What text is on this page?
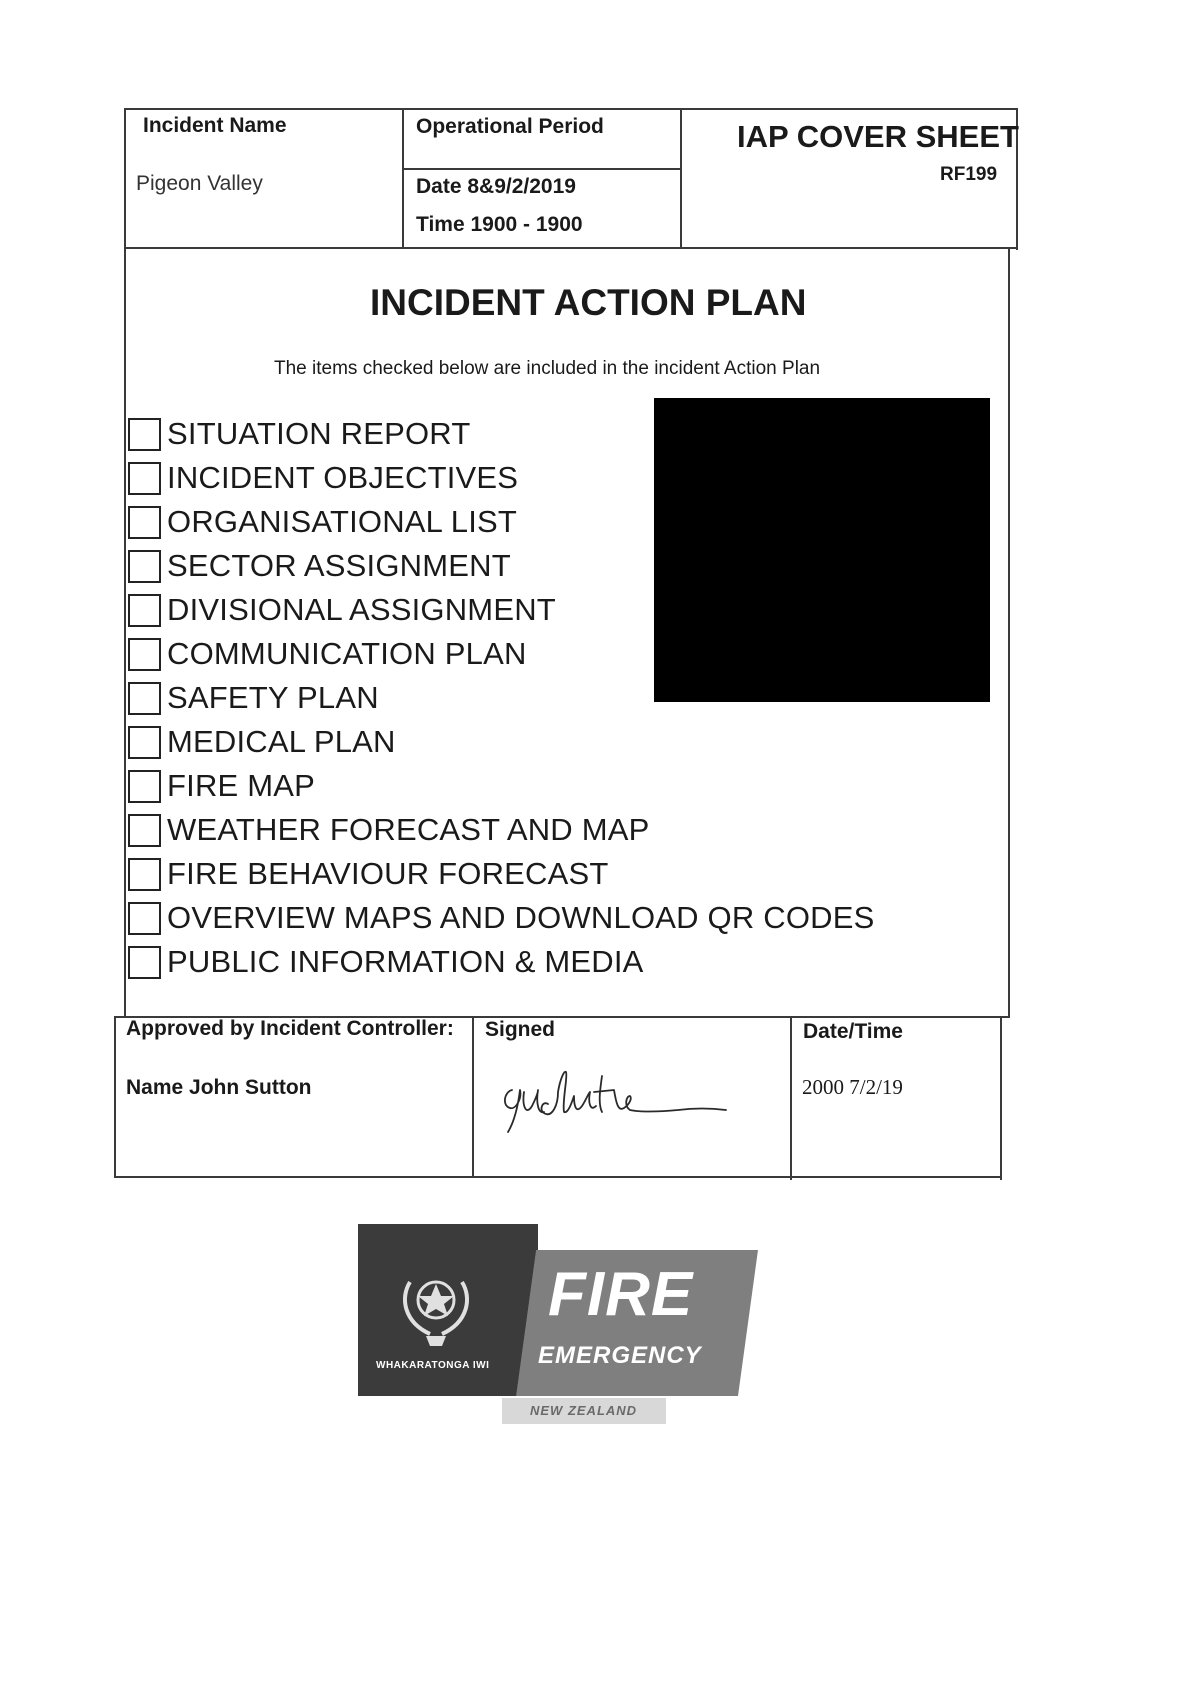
Incident Name
Pigeon Valley
Operational Period
Date 8&9/2/2019
Time 1900 - 1900
IAP COVER SHEET
RF199
INCIDENT ACTION PLAN
The items checked below are included in the incident Action Plan
SITUATION REPORT
INCIDENT OBJECTIVES
ORGANISATIONAL LIST
SECTOR ASSIGNMENT
DIVISIONAL ASSIGNMENT
COMMUNICATION PLAN
SAFETY PLAN
MEDICAL PLAN
FIRE MAP
WEATHER FORECAST AND MAP
FIRE BEHAVIOUR FORECAST
OVERVIEW MAPS AND DOWNLOAD QR CODES
PUBLIC INFORMATION & MEDIA
Approved by Incident Controller:
Name John Sutton
Signed	Date/Time
2000 7/2/19
WHAKARATONGA IWI
FIRE
EMERGENCY
NEW ZEALAND
